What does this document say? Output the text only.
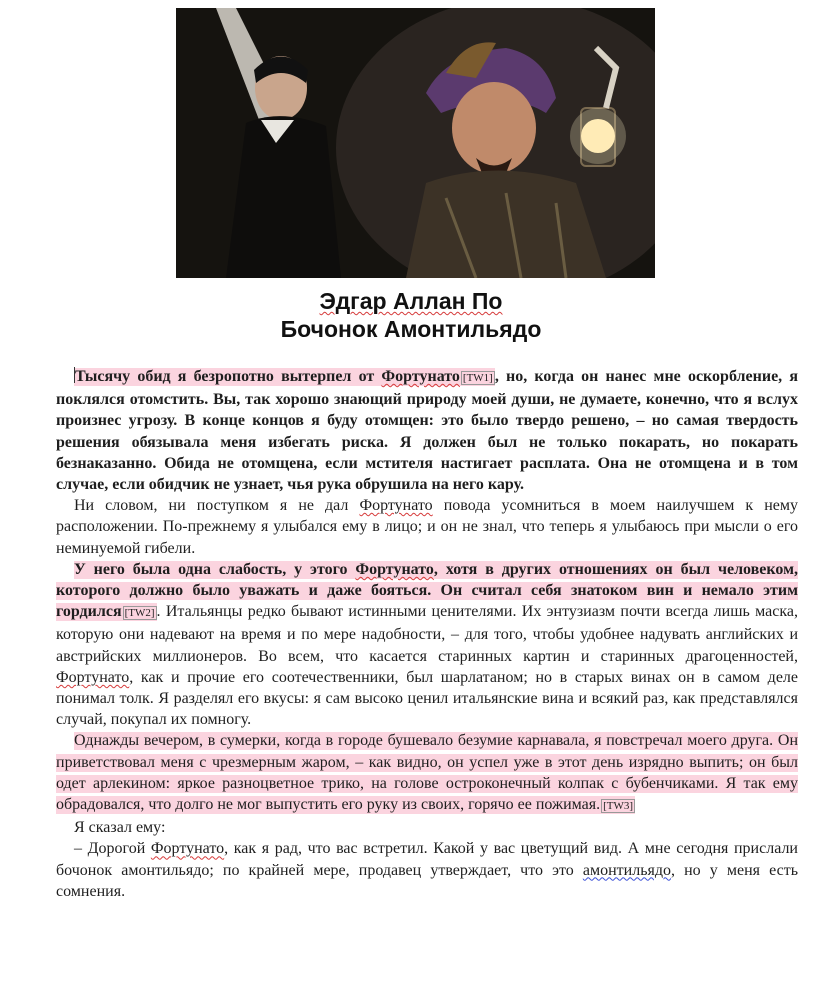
Эдгар Аллан По
Бочонок Амонтильядо

Тысячу обид я безропотно вытерпел от Фортунато [TW1] , но, когда он нанес мне оскорбление, я поклялся отомстить. Вы, так хорошо знающий природу моей души, не думаете, конечно, что я вслух произнес угрозу. В конце концов я буду отомщен: это было твердо решено, – но самая твердость решения обязывала меня избегать риска. Я должен был не только покарать, но покарать безнаказанно. Обида не отомщена, если мстителя настигает расплата. Она не отомщена и в том случае, если обидчик не узнает, чья рука обрушила на него кару.

Ни словом, ни поступком я не дал Фортунато повода усомниться в моем наилучшем к нему расположении. По-прежнему я улыбался ему в лицо; и он не знал, что теперь я улыбаюсь при мысли о его неминуемой гибели.

У него была одна слабость, у этого Фортунато, хотя в других отношениях он был человеком, которого должно было уважать и даже бояться. Он считал себя знатоком вин и немало этим гордился [TW2] . Итальянцы редко бывают истинными ценителями. Их энтузиазм почти всегда лишь маска, которую они надевают на время и по мере надобности, – для того, чтобы удобнее надувать английских и австрийских миллионеров. Во всем, что касается старинных картин и старинных драгоценностей, Фортунато, как и прочие его соотечественники, был шарлатаном; но в старых винах он в самом деле понимал толк. Я разделял его вкусы: я сам высоко ценил итальянские вина и всякий раз, как представлялся случай, покупал их помногу.

Однажды вечером, в сумерки, когда в городе бушевало безумие карнавала, я повстречал моего друга. Он приветствовал меня с чрезмерным жаром, – как видно, он успел уже в этот день изрядно выпить; он был одет арлекином: яркое разноцветное трико, на голове остроконечный колпак с бубенчиками. Я так ему обрадовался, что долго не мог выпустить его руку из своих, горячо ее пожимая. [TW3]

Я сказал ему:

– Дорогой Фортунато, как я рад, что вас встретил. Какой у вас цветущий вид. А мне сегодня прислали бочонок амонтильядо; по крайней мере, продавец утверждает, что это амонтильядо, но у меня есть сомнения.
